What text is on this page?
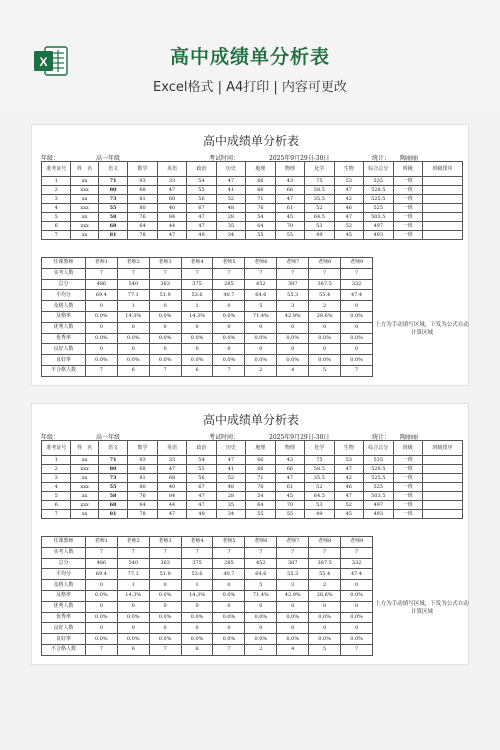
X	高中成绩单分析表
Excel格式 | A4打印 | 内容可更改
高中成绩单分析表
年级：	高一年级	考试时间：	2025年9月29日-30日	统计： 陶丽丽
准考证号	姓　名	语文	数学	英语	政治	历史	地理	物理	化学	生物	综合总分	班级	班级排序
1	xx	71	93	33	54	47	66	43	75	53	535	一班	
2	xxx	80	68	47	55	41	66	66	58.5	47	528.5	一班	
3	xx	73	81	68	56	52	71	47	35.5	42	525.5	一班	
4	xxx	55	80	40	67	48	76	61	52	46	525	一班	
5	xx	58	76	84	47	28	54	45	64.5	47	503.5	一班	
6	xxx	68	64	44	47	35	64	70	53	52	497	一班	
7	xx	81	78	47	49	34	55	55	49	45	493	一班	
任课教师	老师1	老师2	老师3	老师4	老师5	老师6	老师7	老师8	老师9
实考人数	7	7	7	7	7	7	7	7	7
总分	486	540	363	375	285	452	387	387.5	332
平均分	69.4	77.1	51.9	53.6	40.7	64.6	55.3	55.4	47.4
及格人数	0	1	0	1	0	5	3	2	0
及格率	0.0%	14.3%	0.0%	14.3%	0.0%	71.4%	42.9%	28.6%	0.0%
优秀人数	0	0	0	0	0	0	0	0	0
优秀率	0.0%	0.0%	0.0%	0.0%	0.0%	0.0%	0.0%	0.0%	0.0%
良好人数	0	0	0	0	0	0	0	0	0
良好率	0.0%	0.0%	0.0%	0.0%	0.0%	0.0%	0.0%	0.0%	0.0%
不合格人数	7	6	7	6	7	2	4	5	7
上方为手动填写区域，下发为公式自动计算区域
高中成绩单分析表
年级：	高一年级	考试时间：	2025年9月29日-30日	统计： 陶丽丽
准考证号	姓　名	语文	数学	英语	政治	历史	地理	物理	化学	生物	综合总分	班级	班级排序
1	xx	71	93	33	54	47	66	43	75	53	535	一班	
2	xxx	80	68	47	55	41	66	66	58.5	47	528.5	一班	
3	xx	73	81	68	56	52	71	47	35.5	42	525.5	一班	
4	xxx	55	80	40	67	48	76	61	52	46	525	一班	
5	xx	58	76	84	47	28	54	45	64.5	47	503.5	一班	
6	xxx	68	64	44	47	35	64	70	53	52	497	一班	
7	xx	81	78	47	49	34	55	55	49	45	493	一班	
任课教师	老师1	老师2	老师3	老师4	老师5	老师6	老师7	老师8	老师9
实考人数	7	7	7	7	7	7	7	7	7
总分	486	540	363	375	285	452	387	387.5	332
平均分	69.4	77.1	51.9	53.6	40.7	64.6	55.3	55.4	47.4
及格人数	0	1	0	1	0	5	3	2	0
及格率	0.0%	14.3%	0.0%	14.3%	0.0%	71.4%	42.9%	28.6%	0.0%
优秀人数	0	0	0	0	0	0	0	0	0
优秀率	0.0%	0.0%	0.0%	0.0%	0.0%	0.0%	0.0%	0.0%	0.0%
良好人数	0	0	0	0	0	0	0	0	0
良好率	0.0%	0.0%	0.0%	0.0%	0.0%	0.0%	0.0%	0.0%	0.0%
不合格人数	7	6	7	6	7	2	4	5	7
上方为手动填写区域，下发为公式自动计算区域
